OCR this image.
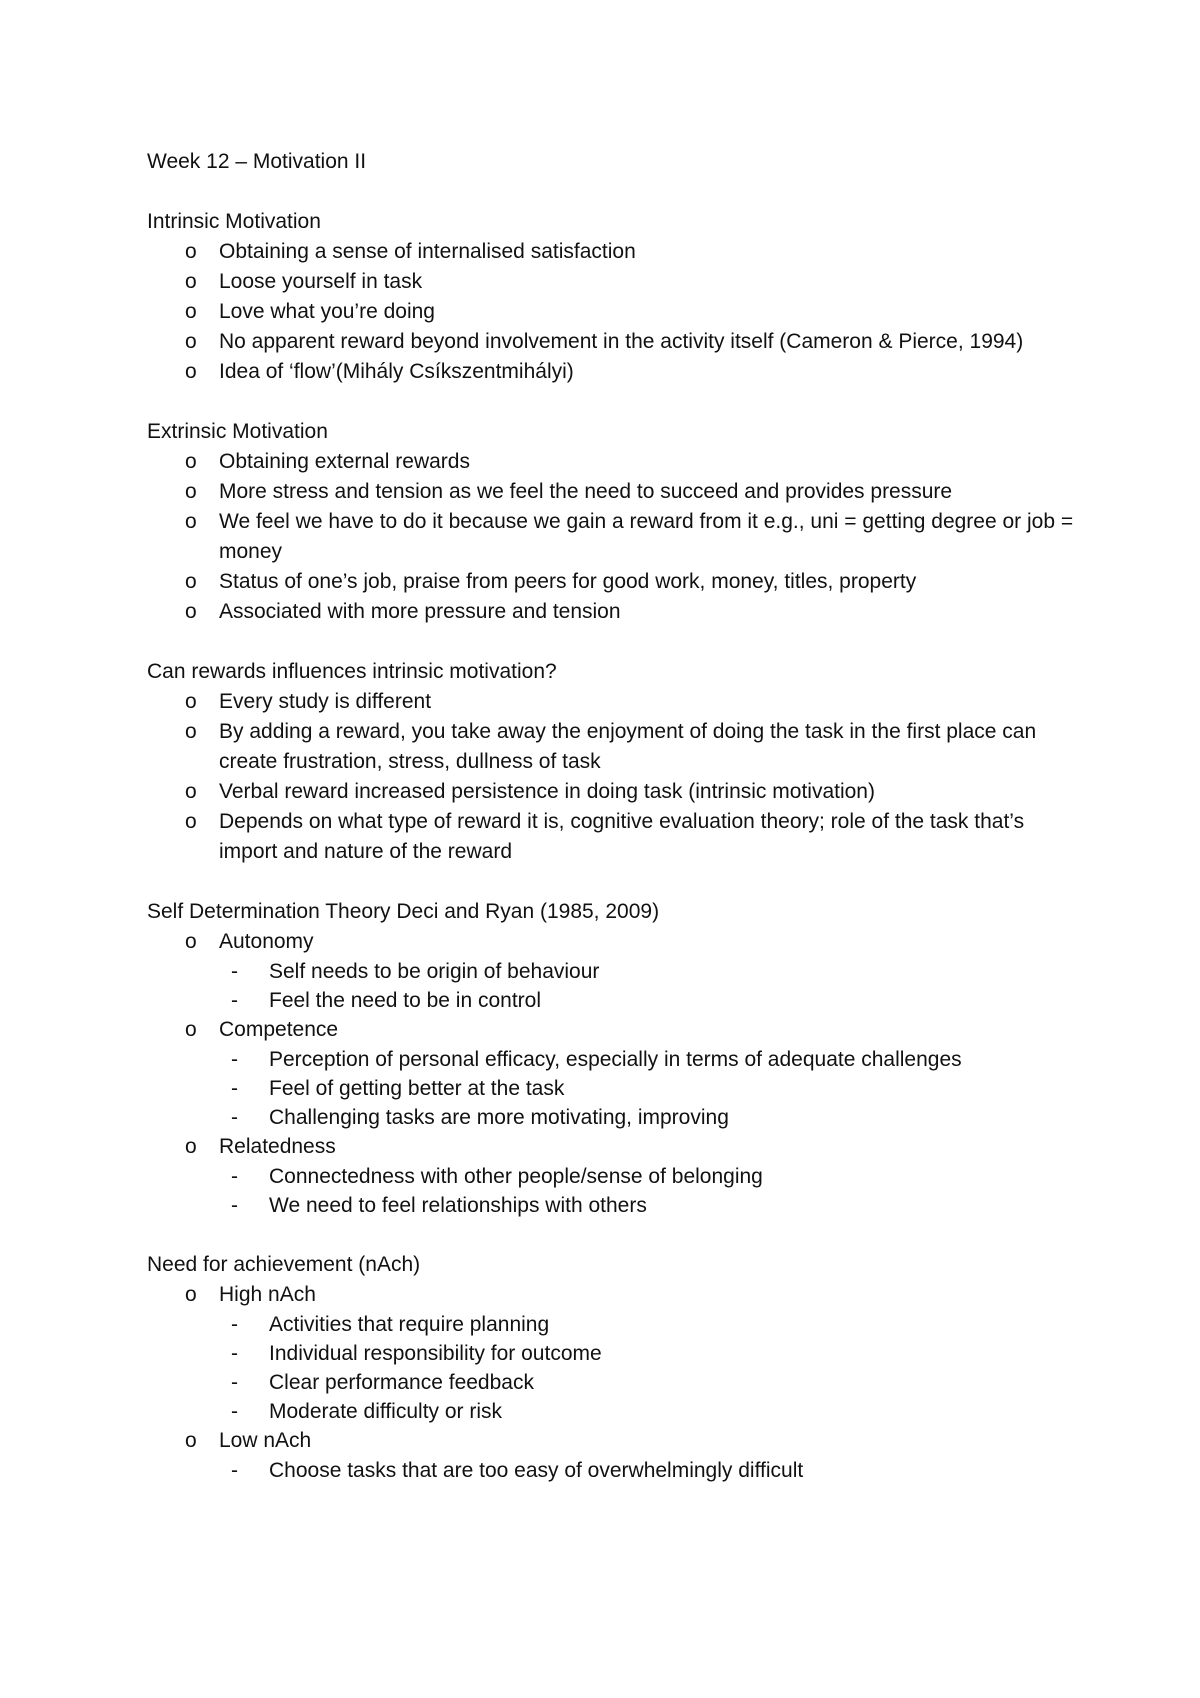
Week 12 – Motivation II
Intrinsic Motivation
o	Obtaining a sense of internalised satisfaction
o	Loose yourself in task
o	Love what you’re doing
o	No apparent reward beyond involvement in the activity itself (Cameron & Pierce, 1994)
o	Idea of ‘flow’(Mihály Csíkszentmihályi)
Extrinsic Motivation
o	Obtaining external rewards
o	More stress and tension as we feel the need to succeed and provides pressure
o	We feel we have to do it because we gain a reward from it e.g., uni = getting degree or job = money
o	Status of one’s job, praise from peers for good work, money, titles, property
o	Associated with more pressure and tension
Can rewards influences intrinsic motivation?
o	Every study is different
o	By adding a reward, you take away the enjoyment of doing the task in the first place can create frustration, stress, dullness of task
o	Verbal reward increased persistence in doing task (intrinsic motivation)
o	Depends on what type of reward it is, cognitive evaluation theory; role of the task that’s import and nature of the reward
Self Determination Theory Deci and Ryan (1985, 2009)
o	Autonomy
- Self needs to be origin of behaviour
- Feel the need to be in control
o	Competence
- Perception of personal efficacy, especially in terms of adequate challenges
- Feel of getting better at the task
- Challenging tasks are more motivating, improving
o	Relatedness
- Connectedness with other people/sense of belonging
- We need to feel relationships with others
Need for achievement (nAch)
o	High nAch
- Activities that require planning
- Individual responsibility for outcome
- Clear performance feedback
- Moderate difficulty or risk
o	Low nAch
- Choose tasks that are too easy of overwhelmingly difficult
